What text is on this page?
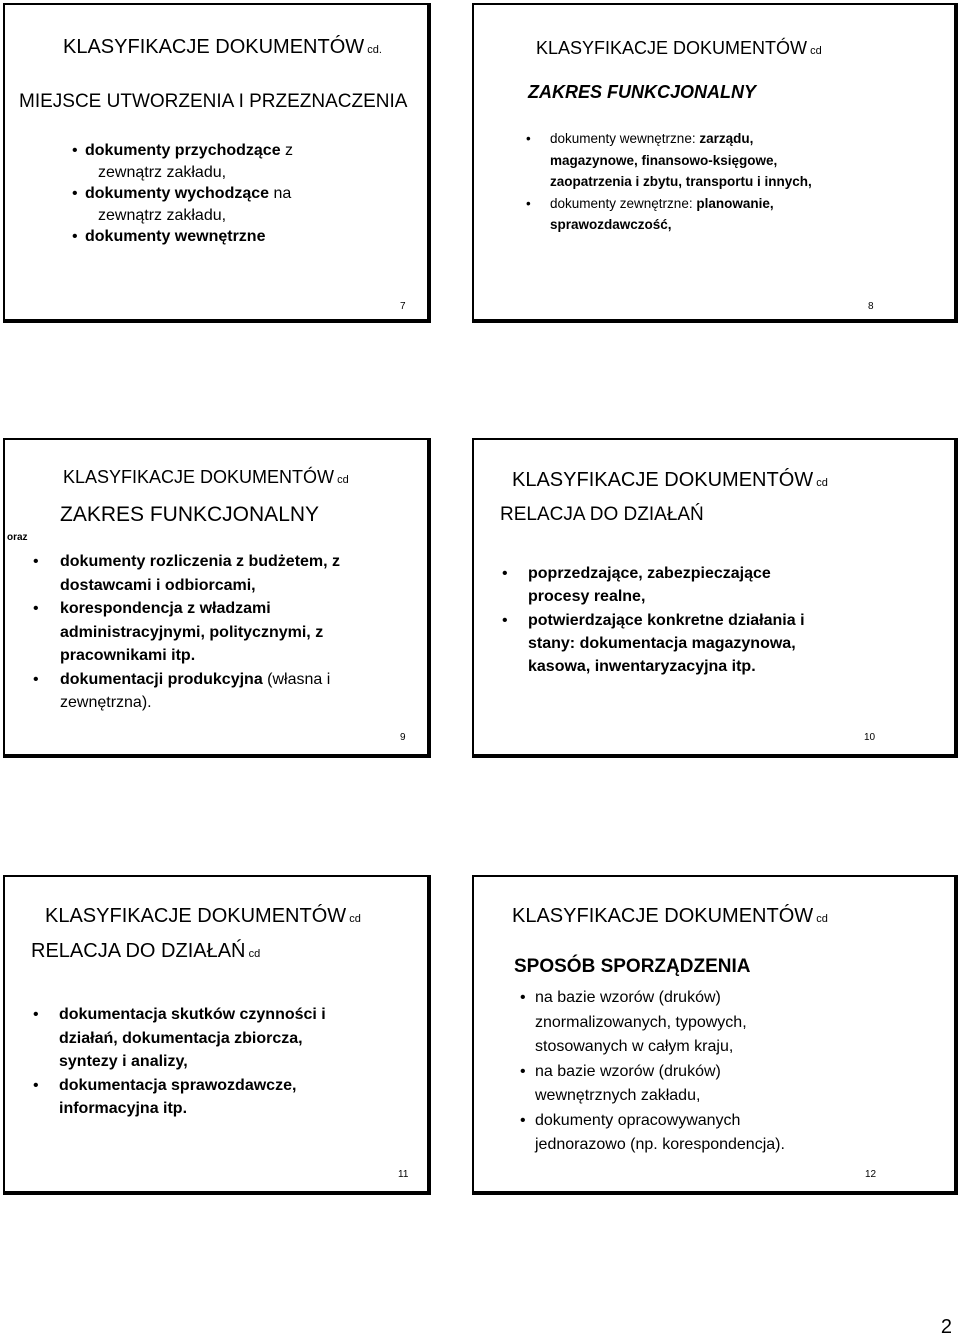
KLASYFIKACJE DOKUMENTÓW cd.
MIEJSCE UTWORZENIA I PRZEZNACZENIA
• dokumenty przychodzące z
zewnątrz zakładu,
• dokumenty wychodzące na
zewnątrz zakładu,
• dokumenty wewnętrzne
7
KLASYFIKACJE DOKUMENTÓW cd
ZAKRES FUNKCJONALNY
• dokumenty wewnętrzne: zarządu,
magazynowe, finansowo-księgowe,
zaopatrzenia i zbytu, transportu i innych,
• dokumenty zewnętrzne: planowanie,
sprawozdawczość,
8
KLASYFIKACJE DOKUMENTÓW cd
ZAKRES FUNKCJONALNY
oraz
• dokumenty rozliczenia z budżetem, z
dostawcami i odbiorcami,
• korespondencja z władzami
administracyjnymi, politycznymi, z
pracownikami itp.
• dokumentacji produkcyjna (własna i
zewnętrzna).
9
KLASYFIKACJE DOKUMENTÓW cd
RELACJA DO DZIAŁAŃ
• poprzedzające, zabezpieczające
procesy realne,
• potwierdzające konkretne działania i
stany: dokumentacja magazynowa,
kasowa, inwentaryzacyjna itp.
10
KLASYFIKACJE DOKUMENTÓW cd
RELACJA DO DZIAŁAŃ cd
• dokumentacja skutków czynności i
działań, dokumentacja zbiorcza,
syntezy i analizy,
• dokumentacja sprawozdawcze,
informacyjna itp.
11
KLASYFIKACJE DOKUMENTÓW cd
SPOSÓB SPORZĄDZENIA
• na bazie wzorów (druków)
znormalizowanych, typowych,
stosowanych w całym kraju,
• na bazie wzorów (druków)
wewnętrznych zakładu,
• dokumenty opracowywanych
jednorazowo (np. korespondencja).
12
2
